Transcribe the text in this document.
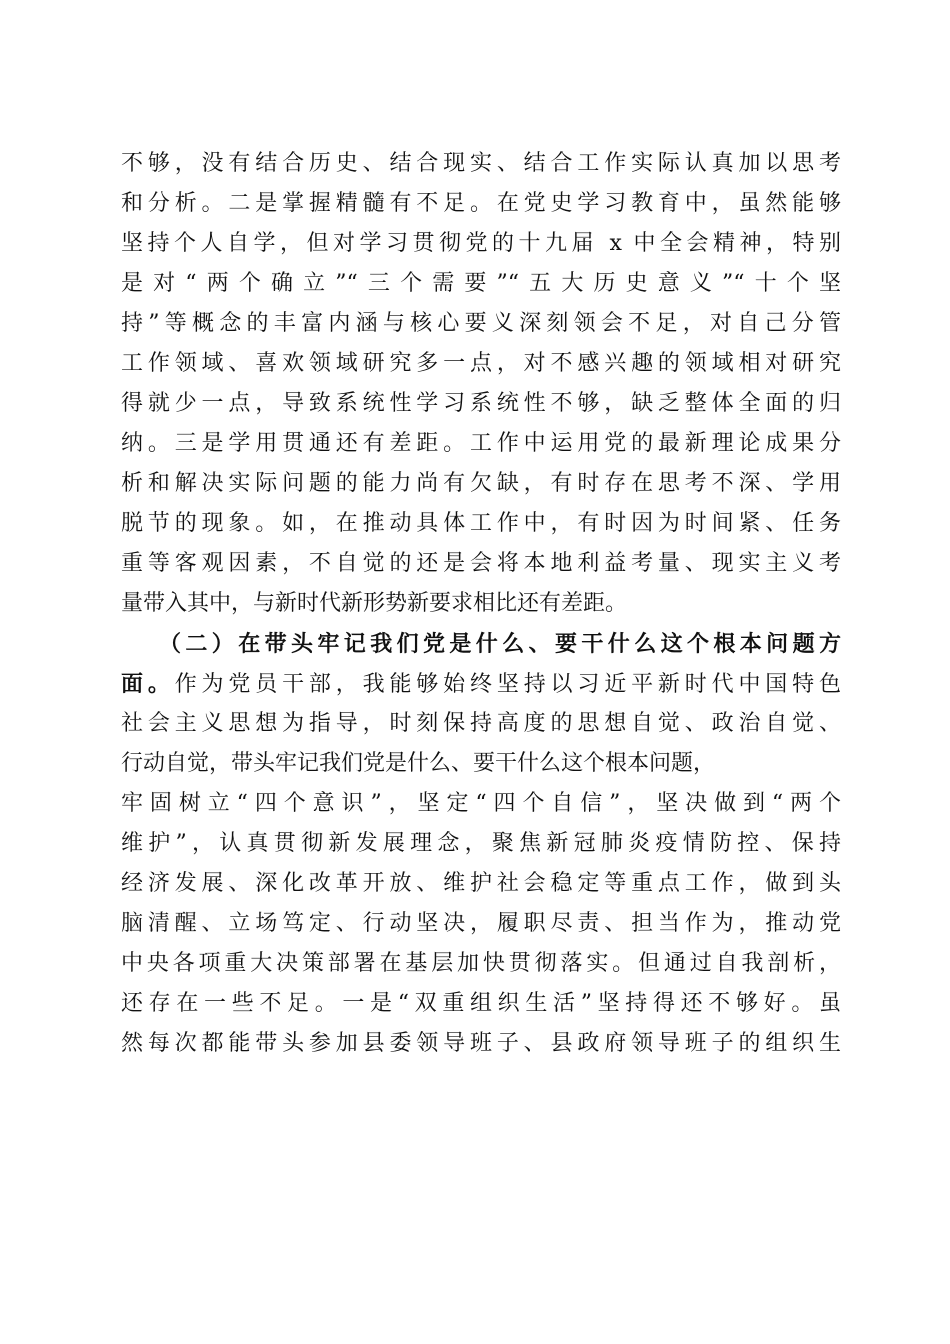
不够，没有结合历史、结合现实、结合工作实际认真加以思考
和分析。二是掌握精髓有不足。在党史学习教育中，虽然能够
坚持个人自学，但对学习贯彻党的十九届 x 中全会精神，特别
是对“两个确立”“三个需要”“五大历史意义”“十个坚
持”等概念的丰富内涵与核心要义深刻领会不足，对自己分管
工作领域、喜欢领域研究多一点，对不感兴趣的领域相对研究
得就少一点，导致系统性学习系统性不够，缺乏整体全面的归
纳。三是学用贯通还有差距。工作中运用党的最新理论成果分
析和解决实际问题的能力尚有欠缺，有时存在思考不深、学用
脱节的现象。如，在推动具体工作中，有时因为时间紧、任务
重等客观因素，不自觉的还是会将本地利益考量、现实主义考
量带入其中，与新时代新形势新要求相比还有差距。
（二）在带头牢记我们党是什么、要干什么这个根本问题方
面。作为党员干部，我能够始终坚持以习近平新时代中国特色
社会主义思想为指导，时刻保持高度的思想自觉、政治自觉、
行动自觉，带头牢记我们党是什么、要干什么这个根本问题，
牢固树立“四个意识”，坚定“四个自信”，坚决做到“两个
维护”，认真贯彻新发展理念，聚焦新冠肺炎疫情防控、保持
经济发展、深化改革开放、维护社会稳定等重点工作，做到头
脑清醒、立场笃定、行动坚决，履职尽责、担当作为，推动党
中央各项重大决策部署在基层加快贯彻落实。但通过自我剖析，
还存在一些不足。一是“双重组织生活”坚持得还不够好。虽
然每次都能带头参加县委领导班子、县政府领导班子的组织生
